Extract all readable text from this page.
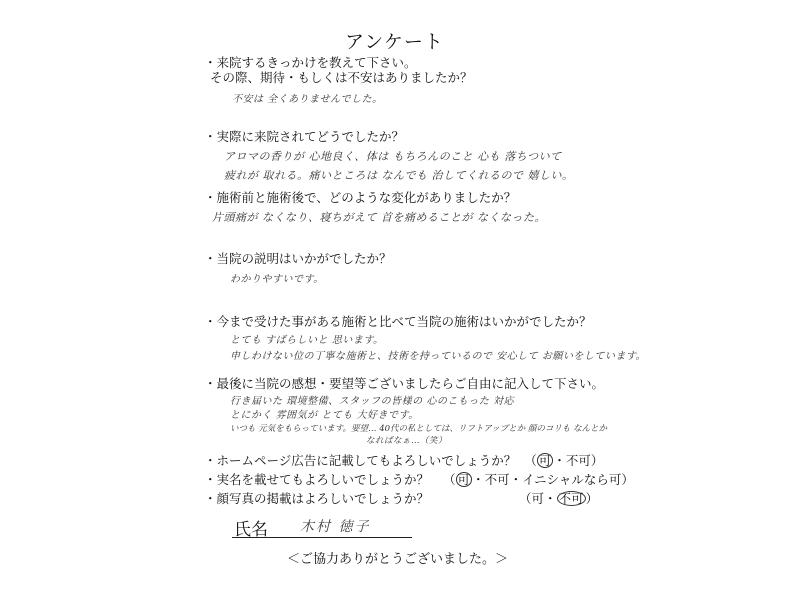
アンケート
・来院するきっかけを教えて下さい。
その際、期待・もしくは不安はありましたか？
不安は 全くありませんでした。
・実際に来院されてどうでしたか？
アロマの香りが 心地良く、体は もちろんのこと 心も 落ちついて
疲れが 取れる。痛いところは なんでも 治してくれるので 嬉しい。
・施術前と施術後で、どのような変化がありましたか？
片頭痛が なくなり、寝ちがえて 首を痛めることが なくなった。
・当院の説明はいかがでしたか？
わかりやすいです。
・今まで受けた事がある施術と比べて当院の施術はいかがでしたか？
とても すばらしいと 思います。
申しわけない位の丁寧な施術と、技術を持っているので 安心して お願いをしています。
・最後に当院の感想・要望等ございましたらご自由に記入して下さい。
行き届いた 環境整備、スタッフの皆様の 心のこもった 対応
とにかく 雰囲気が とても 大好きです。
いつも 元気をもらっています。要望… 40代の私としては、リフトアップとか 顔のコリも なんとか
なればなぁ…（笑）
・ホームページ広告に記載してもよろしいでしょうか？ （ 可 ・不可）
・実名を載せてもよろしいでしょうか？ （ 可 ・不可・イニシャルなら可）
・顔写真の掲載はよろしいでしょうか？	（可・ 不可 ）
氏名 木村 徳子
＜ご協力ありがとうございました。＞
